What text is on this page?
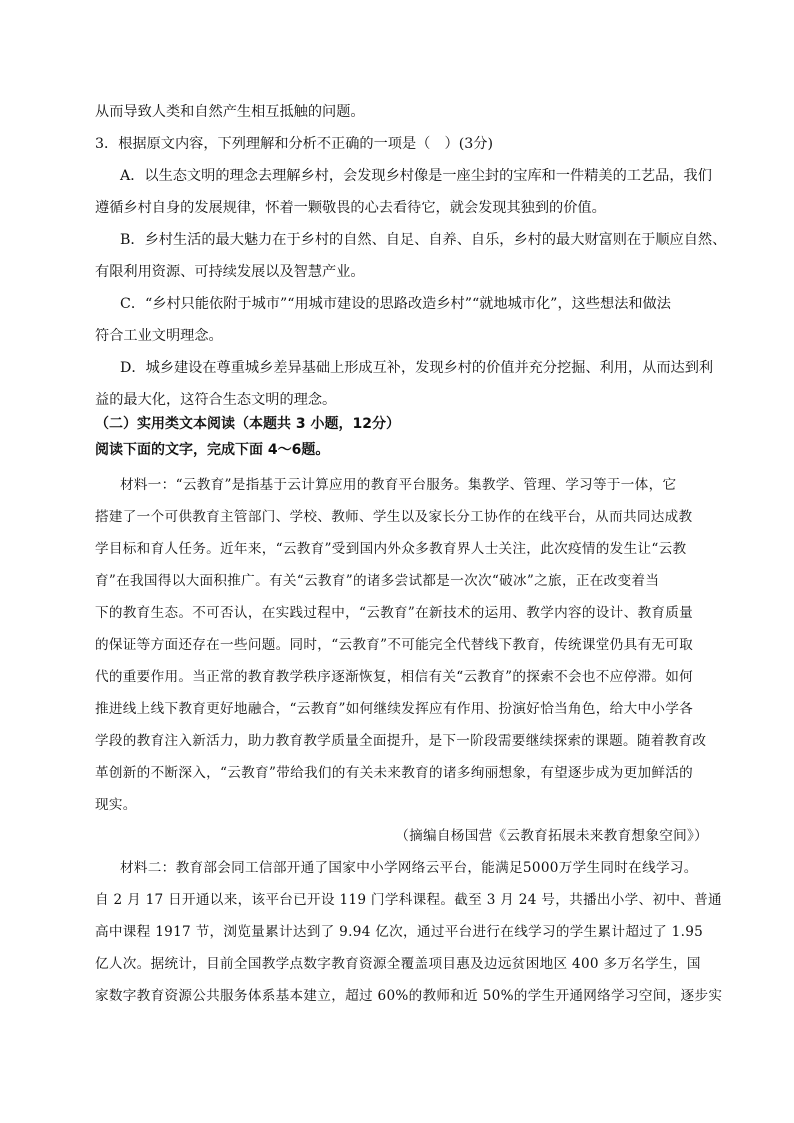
从而导致人类和自然产生相互抵触的问题。
3．根据原文内容，下列理解和分析不正确的一项是（　）(3分)
A．以生态文明的理念去理解乡村，会发现乡村像是一座尘封的宝库和一件精美的工艺品，我们
遵循乡村自身的发展规律，怀着一颗敬畏的心去看待它，就会发现其独到的价值。
B．乡村生活的最大魅力在于乡村的自然、自足、自养、自乐，乡村的最大财富则在于顺应自然、
有限利用资源、可持续发展以及智慧产业。
C．“乡村只能依附于城市”“用城市建设的思路改造乡村”“就地城市化”，这些想法和做法
符合工业文明理念。
D．城乡建设在尊重城乡差异基础上形成互补，发现乡村的价值并充分挖掘、利用，从而达到利
益的最大化，这符合生态文明的理念。
（二）实用类文本阅读（本题共 3 小题，12分）
阅读下面的文字，完成下面 4～6题。
材料一：“云教育”是指基于云计算应用的教育平台服务。集教学、管理、学习等于一体，它
搭建了一个可供教育主管部门、学校、教师、学生以及家长分工协作的在线平台，从而共同达成教
学目标和育人任务。近年来，“云教育”受到国内外众多教育界人士关注，此次疫情的发生让“云教
育”在我国得以大面积推广。有关“云教育”的诸多尝试都是一次次“破冰”之旅，正在改变着当
下的教育生态。不可否认，在实践过程中，“云教育”在新技术的运用、教学内容的设计、教育质量
的保证等方面还存在一些问题。同时，“云教育”不可能完全代替线下教育，传统课堂仍具有无可取
代的重要作用。当正常的教育教学秩序逐渐恢复，相信有关“云教育”的探索不会也不应停滞。如何
推进线上线下教育更好地融合，“云教育”如何继续发挥应有作用、扮演好恰当角色，给大中小学各
学段的教育注入新活力，助力教育教学质量全面提升，是下一阶段需要继续探索的课题。随着教育改
革创新的不断深入，“云教育”带给我们的有关未来教育的诸多绚丽想象，有望逐步成为更加鲜活的
现实。
（摘编自杨国营《云教育拓展未来教育想象空间》）
材料二：教育部会同工信部开通了国家中小学网络云平台，能满足5000万学生同时在线学习。
自 2 月 17 日开通以来，该平台已开设 119 门学科课程。截至 3 月 24 号，共播出小学、初中、普通
高中课程 1917 节，浏览量累计达到了 9.94 亿次，通过平台进行在线学习的学生累计超过了 1.95
亿人次。据统计，目前全国教学点数字教育资源全覆盖项目惠及边远贫困地区 400 多万名学生，国
家数字教育资源公共服务体系基本建立，超过 60%的教师和近 50%的学生开通网络学习空间，逐步实
